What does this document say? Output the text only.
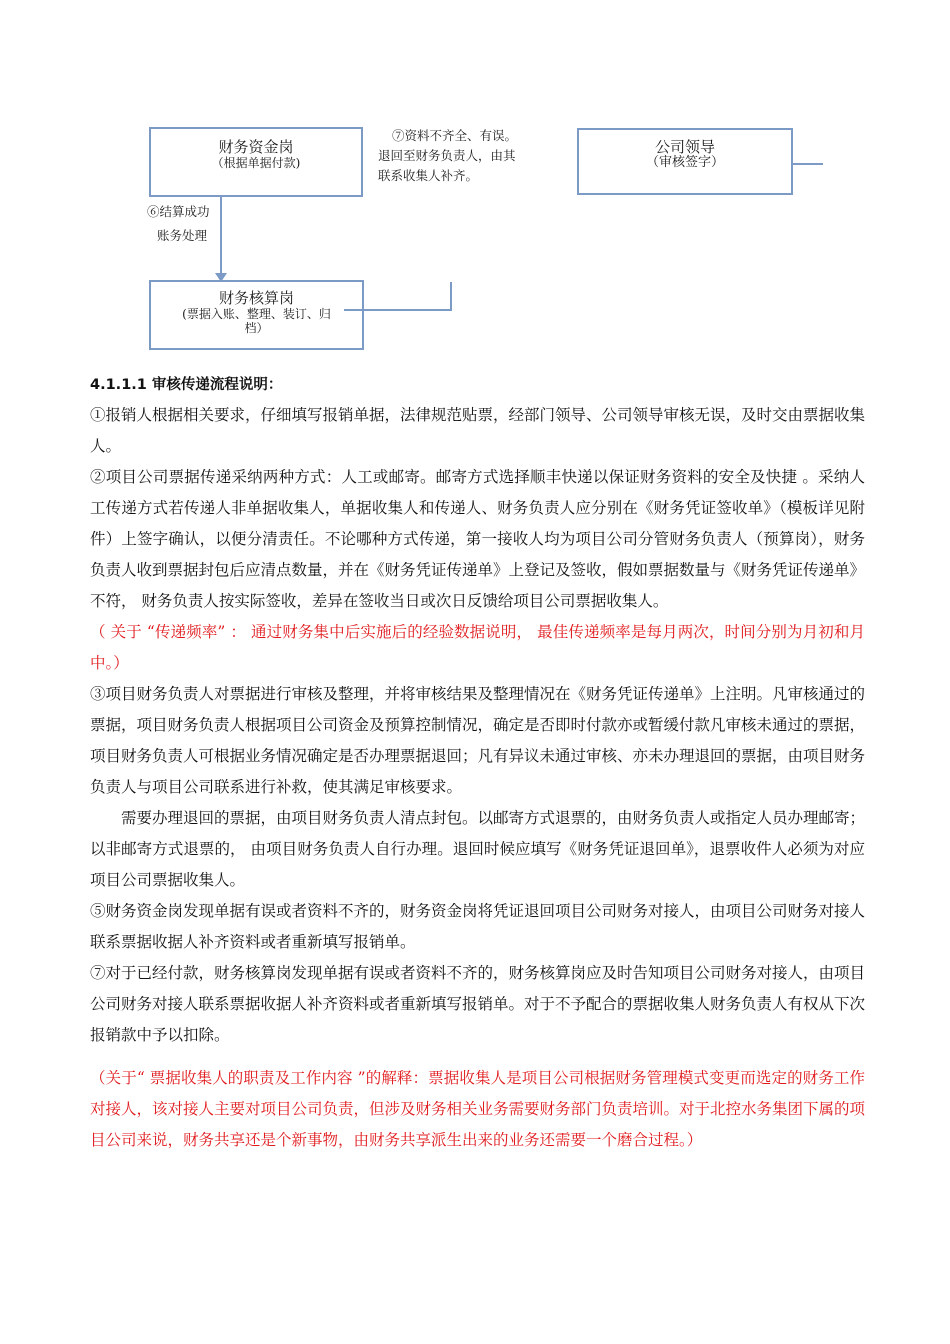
财务资金岗
（根据单据付款)
⑦资料不齐全、有误。
退回至财务负责人，由其
联系收集人补齐。
公司领导
（审核签字）
⑥结算成功
账务处理
财务核算岗
(票据入账、整理、装订、归
档）

4.1.1.1 审核传递流程说明：

①报销人根据相关要求，仔细填写报销单据，法律规范贴票，经部门领导、公司领导审核无误，及时交由票据收集人。

②项目公司票据传递采纳两种方式：人工或邮寄。邮寄方式选择顺丰快递以保证财务资料的安全及快捷 。采纳人工传递方式若传递人非单据收集人，单据收集人和传递人、财务负责人应分别在《财务凭证签收单》（模板详见附件）上签字确认，以便分清责任。不论哪种方式传递，第一接收人均为项目公司分管财务负责人（预算岗），财务负责人收到票据封包后应清点数量，并在《财务凭证传递单》上登记及签收，假如票据数量与《财务凭证传递单》不符， 财务负责人按实际签收，差异在签收当日或次日反馈给项目公司票据收集人。

（ 关于 “传递频率” ： 通过财务集中后实施后的经验数据说明， 最佳传递频率是每月两次，时间分别为月初和月中。）

③项目财务负责人对票据进行审核及整理，并将审核结果及整理情况在《财务凭证传递单》上注明。凡审核通过的票据，项目财务负责人根据项目公司资金及预算控制情况，确定是否即时付款亦或暂缓付款凡审核未通过的票据，项目财务负责人可根据业务情况确定是否办理票据退回；凡有异议未通过审核、亦未办理退回的票据，由项目财务负责人与项目公司联系进行补救，使其满足审核要求。

需要办理退回的票据，由项目财务负责人清点封包。以邮寄方式退票的，由财务负责人或指定人员办理邮寄；以非邮寄方式退票的， 由项目财务负责人自行办理。退回时候应填写《财务凭证退回单》，退票收件人必须为对应项目公司票据收集人。

⑤财务资金岗发现单据有误或者资料不齐的，财务资金岗将凭证退回项目公司财务对接人，由项目公司财务对接人联系票据收据人补齐资料或者重新填写报销单。

⑦对于已经付款，财务核算岗发现单据有误或者资料不齐的，财务核算岗应及时告知项目公司财务对接人，由项目公司财务对接人联系票据收据人补齐资料或者重新填写报销单。对于不予配合的票据收集人财务负责人有权从下次报销款中予以扣除。

（关于“ 票据收集人的职责及工作内容 ”的解释：票据收集人是项目公司根据财务管理模式变更而选定的财务工作对接人，该对接人主要对项目公司负责，但涉及财务相关业务需要财务部门负责培训。对于北控水务集团下属的项目公司来说，财务共享还是个新事物，由财务共享派生出来的业务还需要一个磨合过程。）
